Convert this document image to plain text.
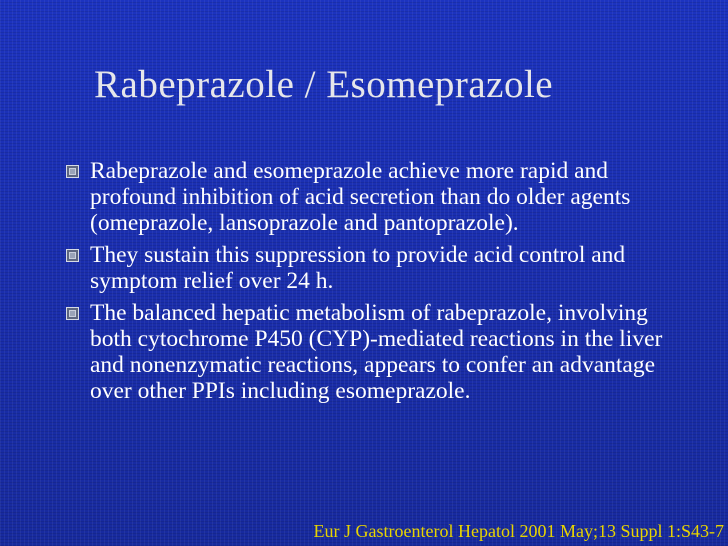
Rabeprazole / Esomeprazole
Rabeprazole and esomeprazole achieve more rapid and profound inhibition of acid secretion than do older agents (omeprazole, lansoprazole and pantoprazole).
They sustain this suppression to provide acid control and symptom relief over 24 h.
The balanced hepatic metabolism of rabeprazole, involving both cytochrome P450 (CYP)-mediated reactions in the liver and nonenzymatic reactions, appears to confer an advantage over other PPIs including esomeprazole.
Eur J Gastroenterol Hepatol 2001 May;13 Suppl 1:S43-7
